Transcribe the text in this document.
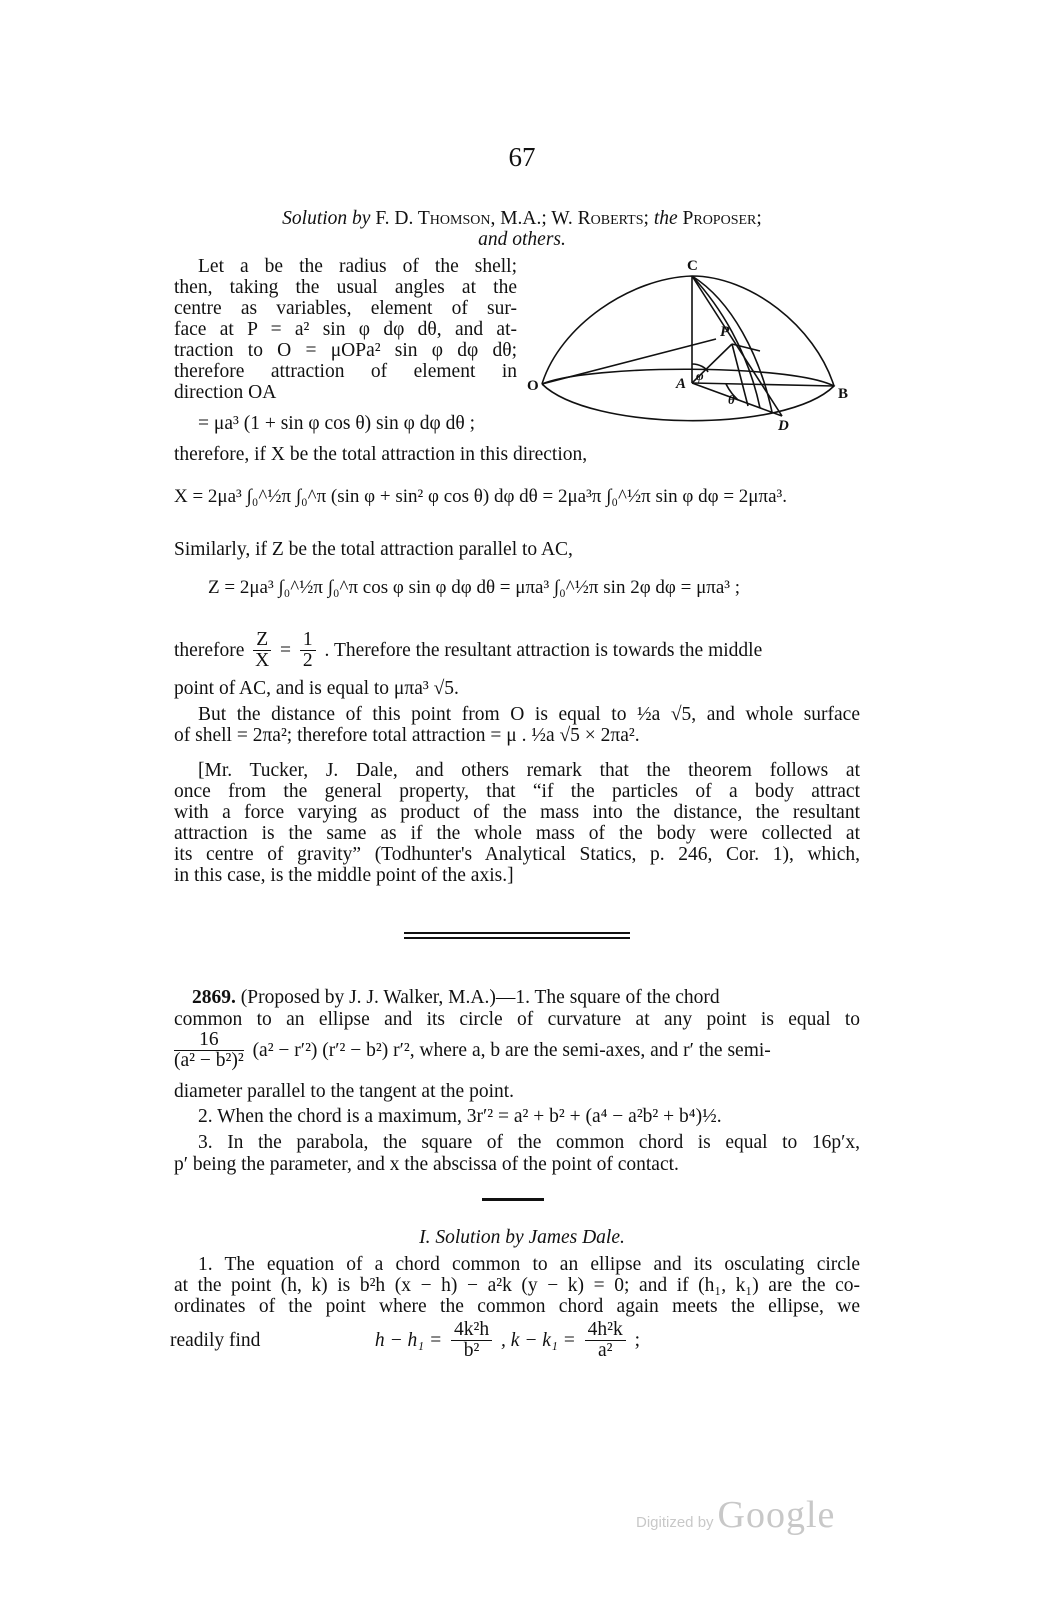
67
Solution by F. D. Thomson, M.A.; W. Roberts; the Proposer;
and others.
Let a be the radius of the shell;
then, taking the usual angles at the
centre as variables, element of sur-
face at P = a² sin φ dφ dθ, and at-
traction to O = μOPa² sin φ dφ dθ;
therefore attraction of element in
direction OA
C
P
O	A
B
D
φ
θ
= μa³ (1 + sin φ cos θ) sin φ dφ dθ ;
therefore, if X be the total attraction in this direction,
X = 2μa³ ∫₀^½π ∫₀^π (sin φ + sin² φ cos θ) dφ dθ = 2μa³π ∫₀^½π sin φ dφ = 2μπa³.
Similarly, if Z be the total attraction parallel to AC,
Z = 2μa³ ∫₀^½π ∫₀^π cos φ sin φ dφ dθ = μπa³ ∫₀^½π sin 2φ dφ = μπa³ ;
therefore $\frac{Z}{X} = \frac{1}{2}$ . Therefore the resultant attraction is towards the middle
point of AC, and is equal to μπa³ √5.
But the distance of this point from O is equal to ½a √5, and whole surface
of shell = 2πa²; therefore total attraction = μ . ½a √5 × 2πa².
[Mr. Tucker, J. Dale, and others remark that the theorem follows at
once from the general property, that “if the particles of a body attract
with a force varying as product of the mass into the distance, the resultant
attraction is the same as if the whole mass of the body were collected at
its centre of gravity” (Todhunter's Analytical Statics, p. 246, Cor. 1), which,
in this case, is the middle point of the axis.]
2869. (Proposed by J. J. Walker, M.A.)—1. The square of the chord
common to an ellipse and its circle of curvature at any point is equal to
$\frac{16}{\text{(a² − b²)²}} (a^2 - r'^2) (r'^2 - b^2)$ r′², where a, b are the semi-axes, and r′ the semi-
diameter parallel to the tangent at the point.
2. When the chord is a maximum, 3r′² = a² + b² + (a⁴ − a²b² + b⁴)½.
3. In the parabola, the square of the common chord is equal to 16p′x,
p′ being the parameter, and x the abscissa of the point of contact.
I. Solution by James Dale.
1. The equation of a chord common to an ellipse and its osculating circle
at the point (h, k) is b²h (x − h) − a²k (y − k) = 0; and if (h₁, k₁) are the co-
ordinates of the point where the common chord again meets the ellipse, we
readily find	$h - h_1 = \frac{\text{4k²h}}{\text{b²}}$ , $k - k_1 = \frac{\text{4h²k}}{\text{a²}}$ ;
Digitized by Google
